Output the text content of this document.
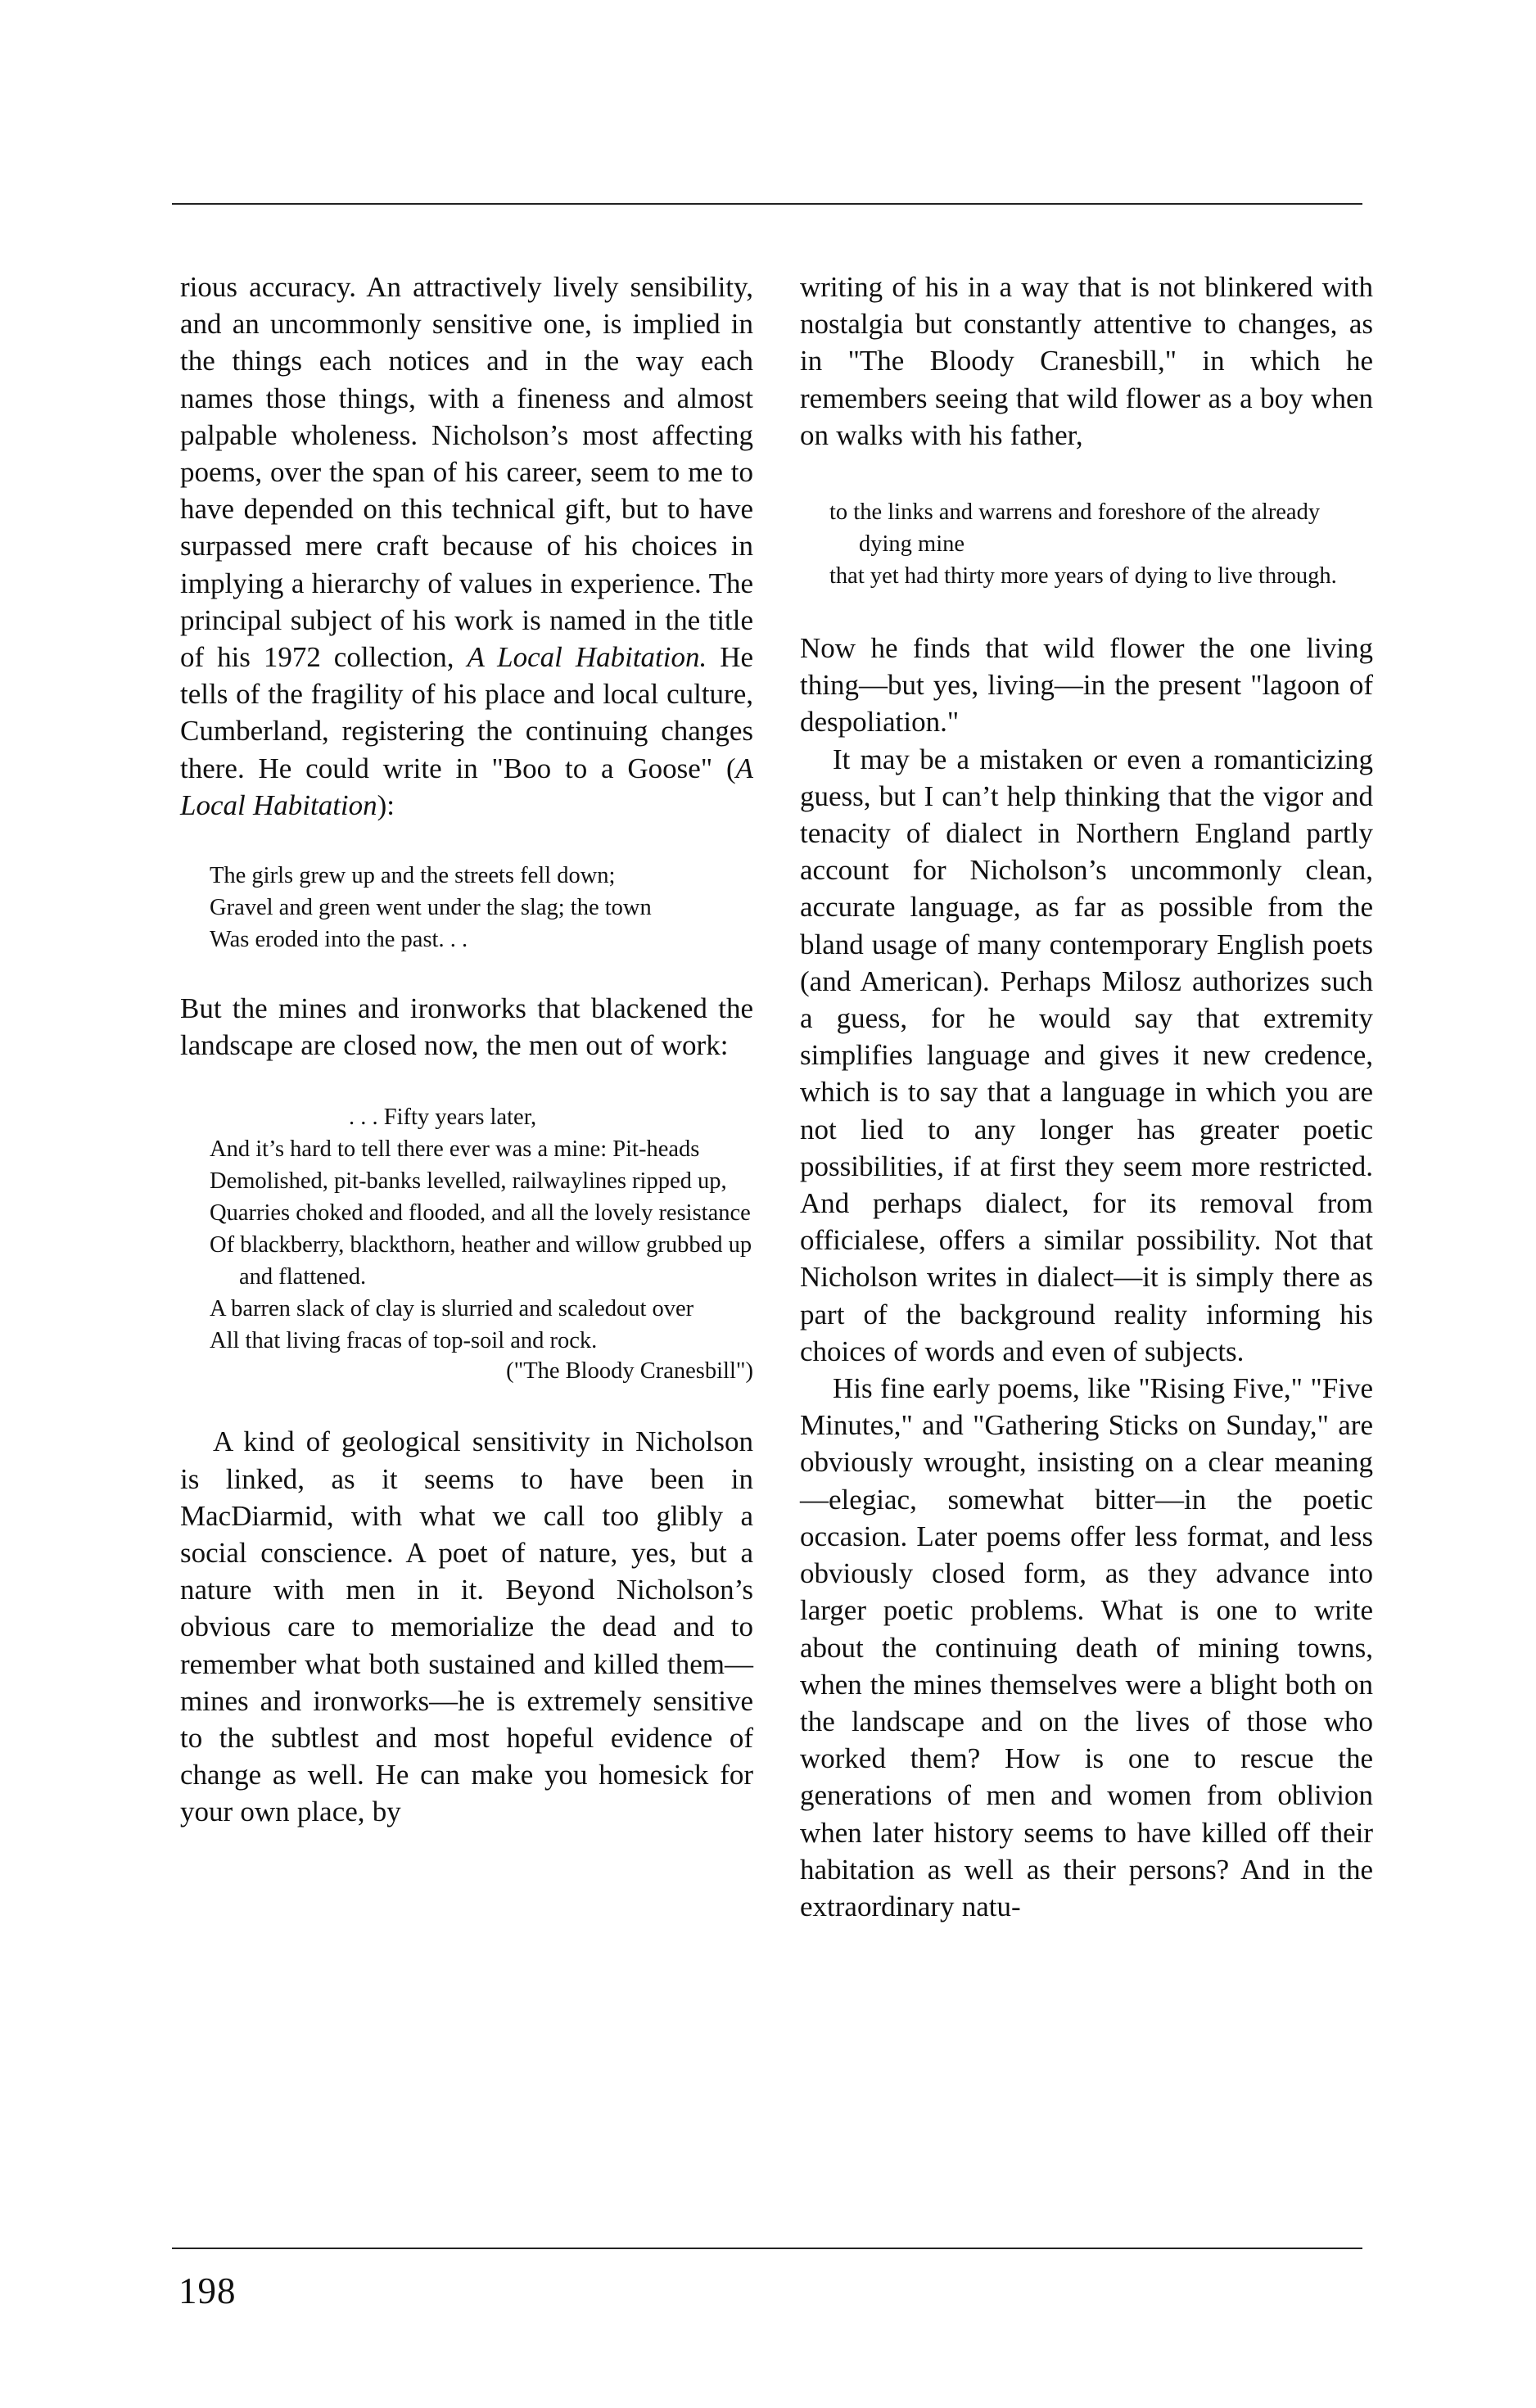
rious accuracy. An attractively lively sensibility, and an uncommonly sensitive one, is implied in the things each notices and in the way each names those things, with a fineness and almost palpable wholeness. Nicholson’s most affecting poems, over the span of his career, seem to me to have depended on this technical gift, but to have surpassed mere craft because of his choices in implying a hierarchy of values in experience. The principal subject of his work is named in the title of his 1972 collection, A Local Habitation. He tells of the fragility of his place and local culture, Cumberland, registering the continuing changes there. He could write in "Boo to a Goose" (A Local Habitation):

The girls grew up and the streets fell down;
Gravel and green went under the slag; the town
Was eroded into the past. . .

But the mines and ironworks that blackened the landscape are closed now, the men out of work:

. . . Fifty years later,
And it’s hard to tell there ever was a mine: Pit-heads
Demolished, pit-banks levelled, railwaylines ripped up,
Quarries choked and flooded, and all the lovely resistance
Of blackberry, blackthorn, heather and willow grubbed up and flattened.
A barren slack of clay is slurried and scaledout over
All that living fracas of top-soil and rock.
("The Bloody Cranesbill")

A kind of geological sensitivity in Nicholson is linked, as it seems to have been in MacDiarmid, with what we call too glibly a social conscience. A poet of nature, yes, but a nature with men in it. Beyond Nicholson’s obvious care to memorialize the dead and to remember what both sustained and killed them—mines and ironworks—he is extremely sensitive to the subtlest and most hopeful evidence of change as well. He can make you homesick for your own place, by

writing of his in a way that is not blinkered with nostalgia but constantly attentive to changes, as in "The Bloody Cranesbill," in which he remembers seeing that wild flower as a boy when on walks with his father,

to the links and warrens and foreshore of the already dying mine
that yet had thirty more years of dying to live through.

Now he finds that wild flower the one living thing—but yes, living—in the present "lagoon of despoliation."

It may be a mistaken or even a romanticizing guess, but I can’t help thinking that the vigor and tenacity of dialect in Northern England partly account for Nicholson’s uncommonly clean, accurate language, as far as possible from the bland usage of many contemporary English poets (and American). Perhaps Milosz authorizes such a guess, for he would say that extremity simplifies language and gives it new credence, which is to say that a language in which you are not lied to any longer has greater poetic possibilities, if at first they seem more restricted. And perhaps dialect, for its removal from officialese, offers a similar possibility. Not that Nicholson writes in dialect—it is simply there as part of the background reality informing his choices of words and even of subjects.

His fine early poems, like "Rising Five," "Five Minutes," and "Gathering Sticks on Sunday," are obviously wrought, insisting on a clear meaning—elegiac, somewhat bitter—in the poetic occasion. Later poems offer less format, and less obviously closed form, as they advance into larger poetic problems. What is one to write about the continuing death of mining towns, when the mines themselves were a blight both on the landscape and on the lives of those who worked them? How is one to rescue the generations of men and women from oblivion when later history seems to have killed off their habitation as well as their persons? And in the extraordinary natu-

198
